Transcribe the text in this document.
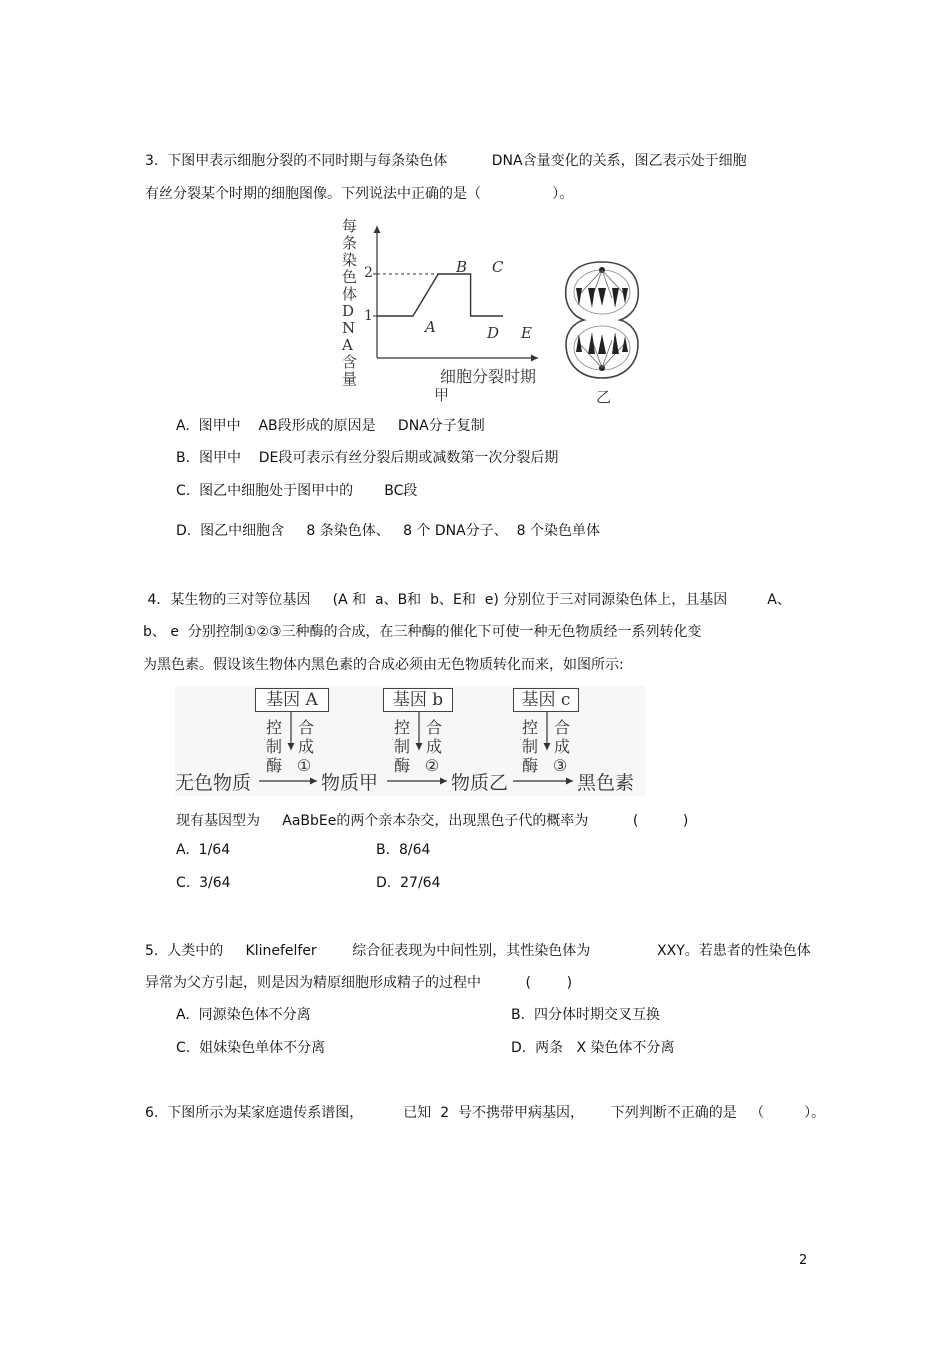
3.  下图甲表示细胞分裂的不同时期与每条染色体          DNA含量变化的关系，图乙表示处于细胞
有丝分裂某个时期的细胞图像。下列说法中正确的是（                ）。
每条染色体DNA含量
2
1
A
B C
D E
细胞分裂时期
甲	乙
A.  图甲中    AB段形成的原因是     DNA分子复制
B.  图甲中    DE段可表示有丝分裂后期或减数第一次分裂后期
C.  图乙中细胞处于图甲中的       BC段
D.  图乙中细胞含     8 条染色体、   8 个 DNA分子、  8 个染色单体
4．某生物的三对等位基因     (A 和  a、B和  b、E和  e) 分别位于三对同源染色体上，且基因         A、
b、 e  分别控制①②③三种酶的合成，在三种酶的催化下可使一种无色物质经一系列转化变
为黑色素。假设该生物体内黑色素的合成必须由无色物质转化而来，如图所示:
基因 A	基因 b	基因 c
控
制
合
成
酶 ①
控
制
合
成
酶 ②
控
制
合
成
酶 ③
无色物质	物质甲	物质乙	黑色素
现有基因型为     AaBbEe的两个亲本杂交，出现黑色子代的概率为          (          )
A.  1/64	B.  8/64
C.  3/64	D.  27/64
5.  人类中的     Klinefelfer        综合征表现为中间性别，其性染色体为               XXY。若患者的性染色体
异常为父方引起，则是因为精原细胞形成精子的过程中          (        )
A.  同源染色体不分离	B.  四分体时期交叉互换
C.  姐妹染色单体不分离	D.  两条   X 染色体不分离
6.  下图所示为某家庭遗传系谱图，         已知  2  号不携带甲病基因，      下列判断不正确的是   （         ）。
2
